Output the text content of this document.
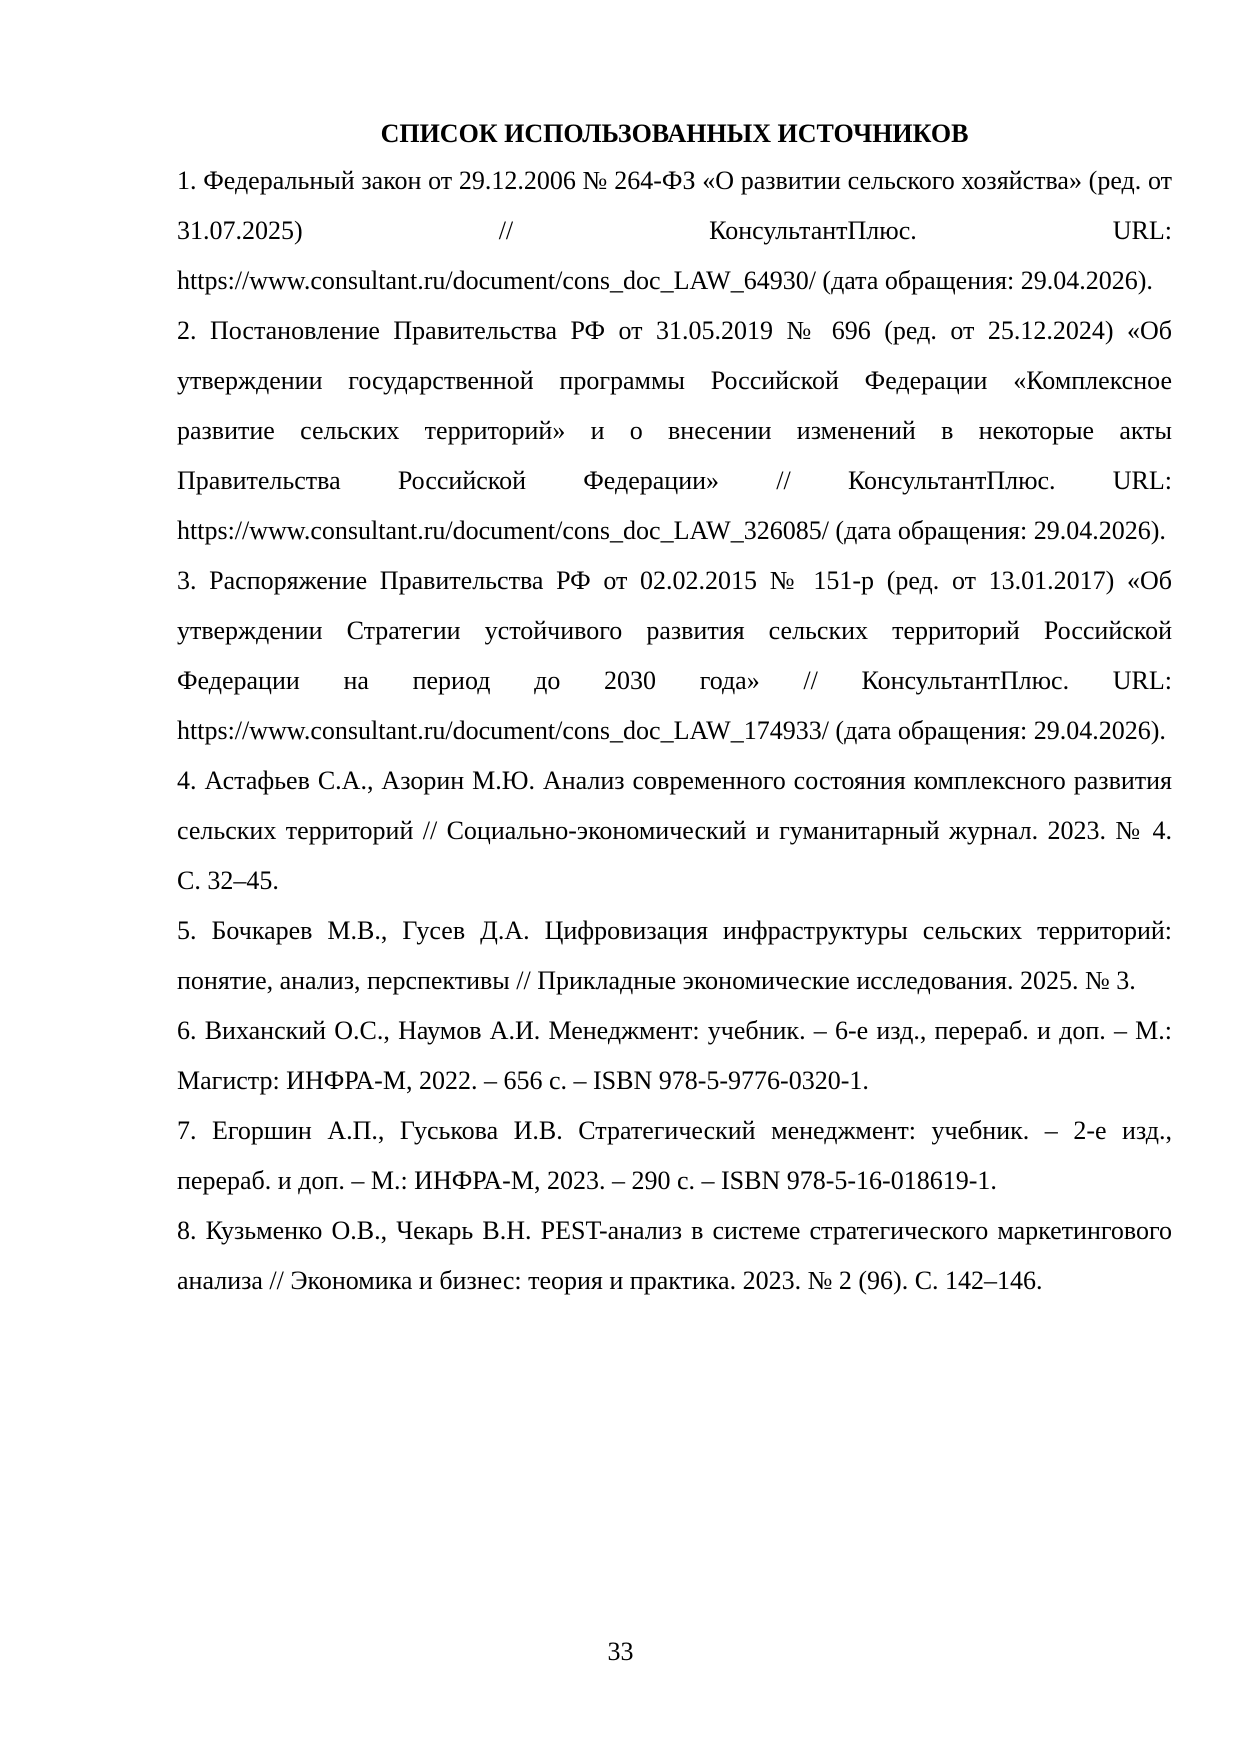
СПИСОК ИСПОЛЬЗОВАННЫХ ИСТОЧНИКОВ

1. Федеральный закон от 29.12.2006 № 264-ФЗ «О развитии сельского хозяйства» (ред. от 31.07.2025) // КонсультантПлюс. URL: https://www.consultant.ru/document/cons_doc_LAW_64930/ (дата обращения: 29.04.2026).

2. Постановление Правительства РФ от 31.05.2019 № 696 (ред. от 25.12.2024) «Об утверждении государственной программы Российской Федерации «Комплексное развитие сельских территорий» и о внесении изменений в некоторые акты Правительства Российской Федерации» // КонсультантПлюс. URL: https://www.consultant.ru/document/cons_doc_LAW_326085/ (дата обращения: 29.04.2026).

3. Распоряжение Правительства РФ от 02.02.2015 № 151-р (ред. от 13.01.2017) «Об утверждении Стратегии устойчивого развития сельских территорий Российской Федерации на период до 2030 года» // КонсультантПлюс. URL: https://www.consultant.ru/document/cons_doc_LAW_174933/ (дата обращения: 29.04.2026).

4. Астафьев С.А., Азорин М.Ю. Анализ современного состояния комплексного развития сельских территорий // Социально-экономический и гуманитарный журнал. 2023. № 4. С. 32–45.

5. Бочкарев М.В., Гусев Д.А. Цифровизация инфраструктуры сельских территорий: понятие, анализ, перспективы // Прикладные экономические исследования. 2025. № 3.

6. Виханский О.С., Наумов А.И. Менеджмент: учебник. – 6-е изд., перераб. и доп. – М.: Магистр: ИНФРА-М, 2022. – 656 с. – ISBN 978-5-9776-0320-1.

7. Егоршин А.П., Гуськова И.В. Стратегический менеджмент: учебник. – 2-е изд., перераб. и доп. – М.: ИНФРА-М, 2023. – 290 с. – ISBN 978-5-16-018619-1.

8. Кузьменко О.В., Чекарь В.Н. PEST-анализ в системе стратегического маркетингового анализа // Экономика и бизнес: теория и практика. 2023. № 2 (96). С. 142–146.

33
